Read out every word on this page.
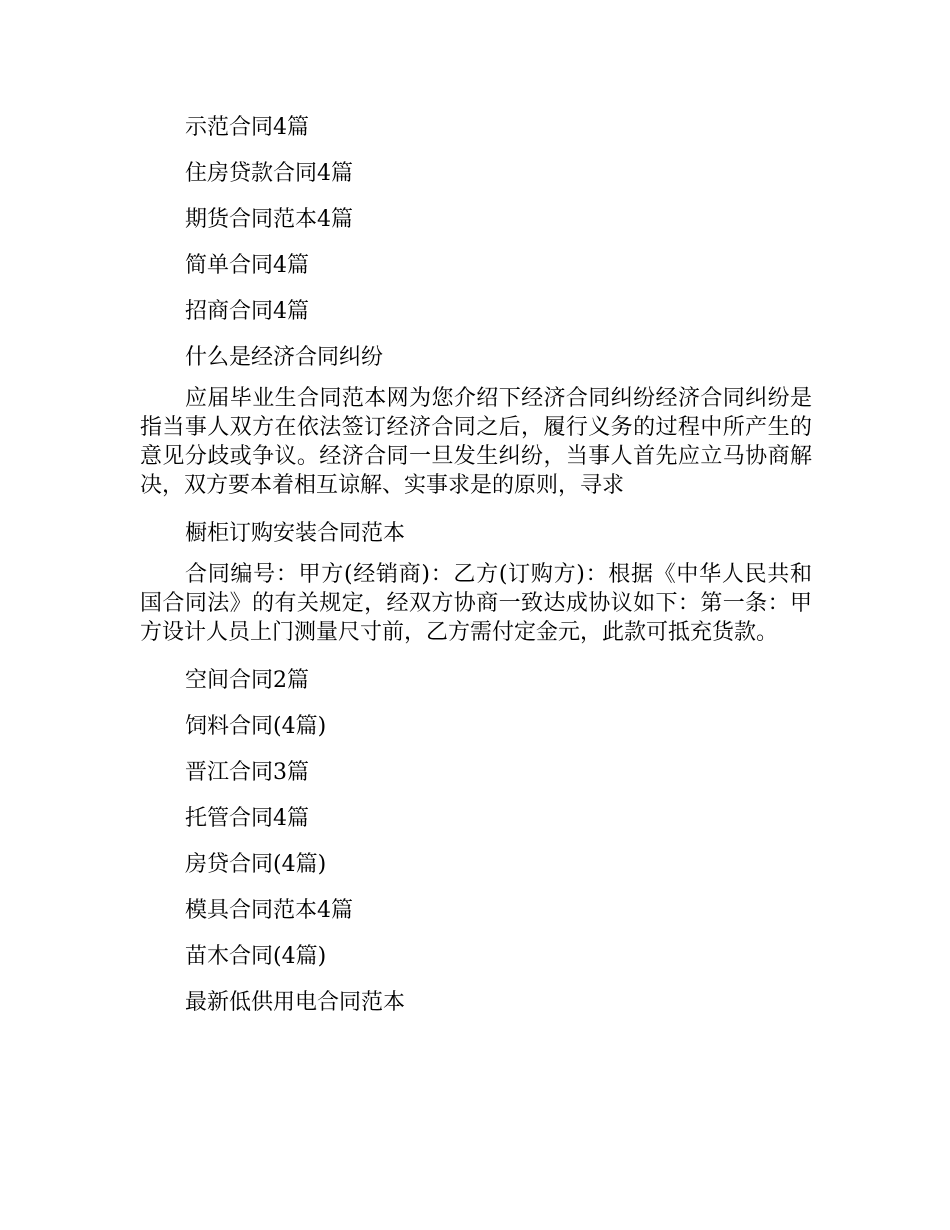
示范合同4篇

住房贷款合同4篇

期货合同范本4篇

简单合同4篇

招商合同4篇

什么是经济合同纠纷

应届毕业生合同范本网为您介绍下经济合同纠纷经济合同纠纷是指当事人双方在依法签订经济合同之后，履行义务的过程中所产生的意见分歧或争议。经济合同一旦发生纠纷，当事人首先应立马协商解决，双方要本着相互谅解、实事求是的原则，寻求

橱柜订购安装合同范本

合同编号：甲方(经销商)：乙方(订购方)：根据《中华人民共和国合同法》的有关规定，经双方协商一致达成协议如下：第一条：甲方设计人员上门测量尺寸前，乙方需付定金元，此款可抵充货款。

空间合同2篇

饲料合同(4篇)

晋江合同3篇

托管合同4篇

房贷合同(4篇)

模具合同范本4篇

苗木合同(4篇)

最新低供用电合同范本
